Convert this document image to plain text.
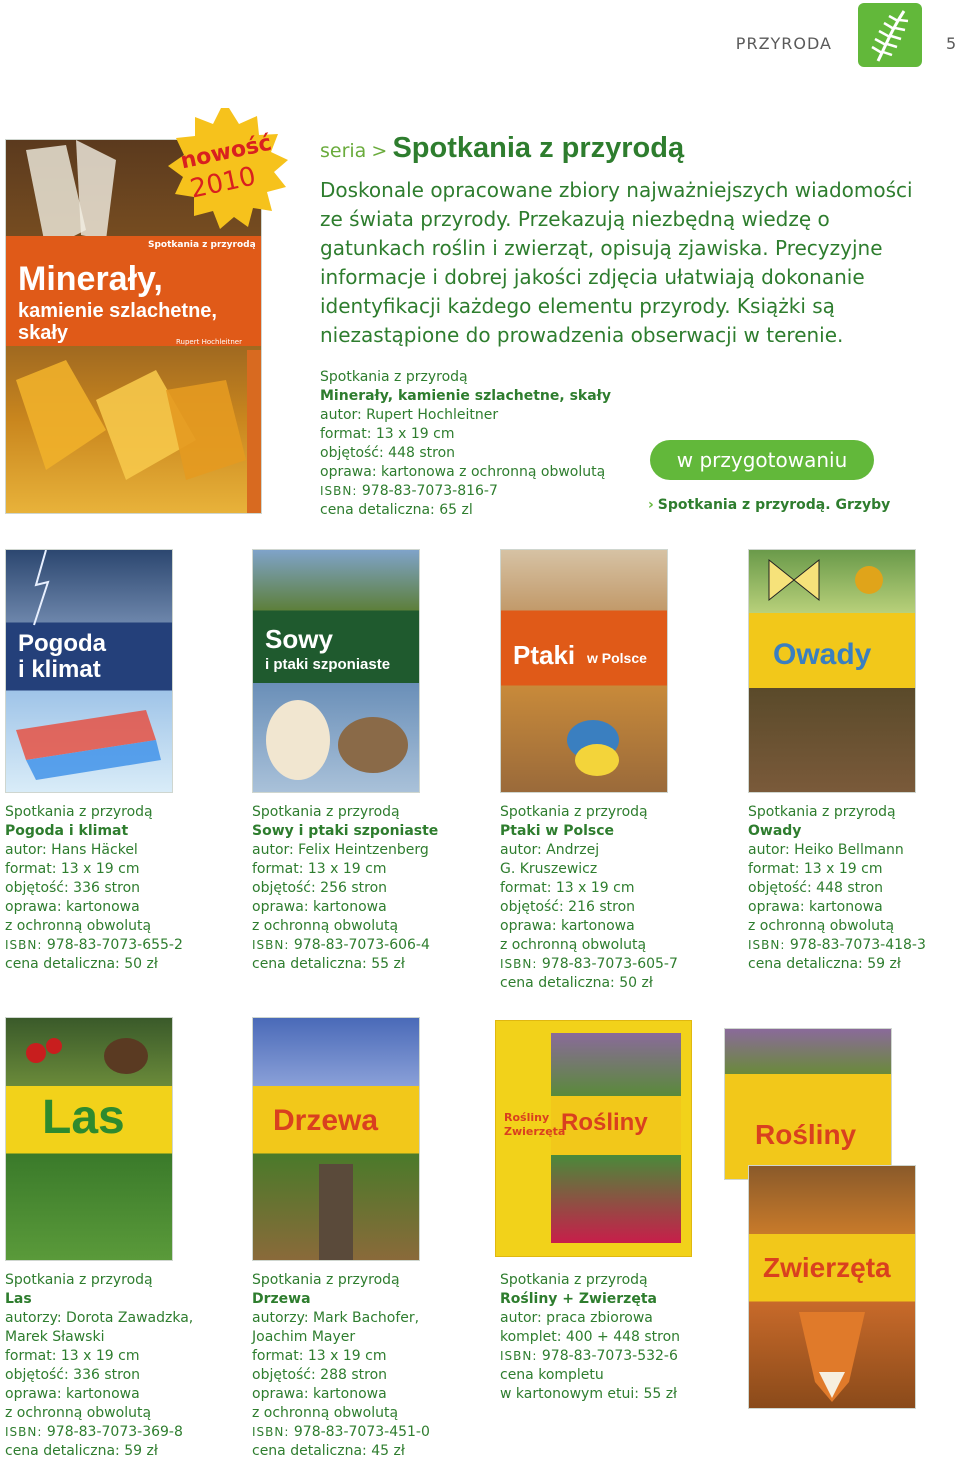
PRZYRODA	5
Spotkania z przyrodą
Minerały,
kamienie szlachetne,
skały	Rupert Hochleitner
nowość
2010
seria > Spotkania z przyrodą
Doskonale opracowane zbiory najważniejszych wiadomości ze świata przyrody. Przekazują niezbędną wiedzę o gatunkach roślin i zwierząt, opisują zjawiska. Precyzyjne informacje i dobrej jakości zdjęcia ułatwiają dokonanie identyfikacji każdego elementu przyrody. Książki są niezastąpione do prowadzenia obserwacji w terenie.
Spotkania z przyrodą
Minerały, kamienie szlachetne, skały
autor: Rupert Hochleitner
format: 13 x 19 cm
objętość: 448 stron
oprawa: kartonowa z ochronną obwolutą
ISBN: 978-83-7073-816-7
cena detaliczna: 65 zl
w przygotowaniu
› Spotkania z przyrodą. Grzyby
Pogoda
i klimat
Sowy
i ptaki szponiaste	Ptaki w Polsce	Owady
Spotkania z przyrodą
Pogoda i klimat
autor: Hans Häckel
format: 13 x 19 cm
objętość: 336 stron
oprawa: kartonowa
z ochronną obwolutą
ISBN: 978-83-7073-655-2
cena detaliczna: 50 zł
Spotkania z przyrodą
Sowy i ptaki szponiaste
autor: Felix Heintzenberg
format: 13 x 19 cm
objętość: 256 stron
oprawa: kartonowa
z ochronną obwolutą
ISBN: 978-83-7073-606-4
cena detaliczna: 55 zł
Spotkania z przyrodą
Ptaki w Polsce
autor: Andrzej
G. Kruszewicz
format: 13 x 19 cm
objętość: 216 stron
oprawa: kartonowa
z ochronną obwolutą
ISBN: 978-83-7073-605-7
cena detaliczna: 50 zł
Spotkania z przyrodą
Owady
autor: Heiko Bellmann
format: 13 x 19 cm
objętość: 448 stron
oprawa: kartonowa
z ochronną obwolutą
ISBN: 978-83-7073-418-3
cena detaliczna: 59 zł
Las	Drzewa	Rośliny
Rośliny
Zwierzęta	Rośliny
Zwierzęta
Spotkania z przyrodą
Las
autorzy: Dorota Zawadzka,
Marek Sławski
format: 13 x 19 cm
objętość: 336 stron
oprawa: kartonowa
z ochronną obwolutą
ISBN: 978-83-7073-369-8
cena detaliczna: 59 zł
Spotkania z przyrodą
Drzewa
autorzy: Mark Bachofer,
Joachim Mayer
format: 13 x 19 cm
objętość: 288 stron
oprawa: kartonowa
z ochronną obwolutą
ISBN: 978-83-7073-451-0
cena detaliczna: 45 zł
Spotkania z przyrodą
Rośliny + Zwierzęta
autor: praca zbiorowa
komplet: 400 + 448 stron
ISBN: 978-83-7073-532-6
cena kompletu
w kartonowym etui: 55 zł
